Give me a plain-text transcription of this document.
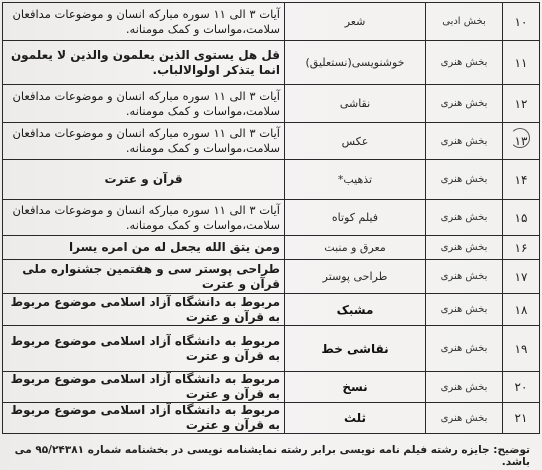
۱۰	بخش ادبی	شعر	آیات ۳ الی ۱۱ سوره مبارکه انسان و موضوعات مدافعان سلامت،مواسات و کمک مومنانه.
۱۱	بخش هنری	خوشنویسی(نستعلیق)	قل هل یستوی الذین یعلمون والذین لا یعلمون انما یتذکر اولوالالباب.
۱۲	بخش هنری	نقاشی	آیات ۳ الی ۱۱ سوره مبارکه انسان و موضوعات مدافعان سلامت،مواسات و کمک مومنانه.
۱۳	بخش هنری	عکس	آیات ۳ الی ۱۱ سوره مبارکه انسان و موضوعات مدافعان سلامت،مواسات و کمک مومنانه.
۱۴	بخش هنری	تذهیب*	قرآن و عترت
۱۵	بخش هنری	فیلم کوتاه	آیات ۳ الی ۱۱ سوره مبارکه انسان و موضوعات مدافعان سلامت،مواسات و کمک مومنانه.
۱۶	بخش هنری	معرق و منبت	ومن یتق الله یجعل له من امره یسرا
۱۷	بخش هنری	طراحی پوستر	طراحی پوستر سی و هفتمین جشنواره ملی قرآن و عترت
۱۸	بخش هنری	مشبک	مربوط به دانشگاه آزاد اسلامی موضوع مربوط به قرآن و عترت
۱۹	بخش هنری	نقاشی خط	مربوط به دانشگاه آزاد اسلامی موضوع مربوط به قرآن و عترت
۲۰	بخش هنری	نسخ	مربوط به دانشگاه آزاد اسلامی موضوع مربوط به قرآن و عترت
۲۱	بخش هنری	ثلث	مربوط به دانشگاه آزاد اسلامی موضوع مربوط به قرآن و عترت
توضیح: جایزه رشته فیلم نامه نویسی برابر رشته نمایشنامه نویسی در بخشنامه شماره ۹۵/۲۴۳۸۱ می باشد.
